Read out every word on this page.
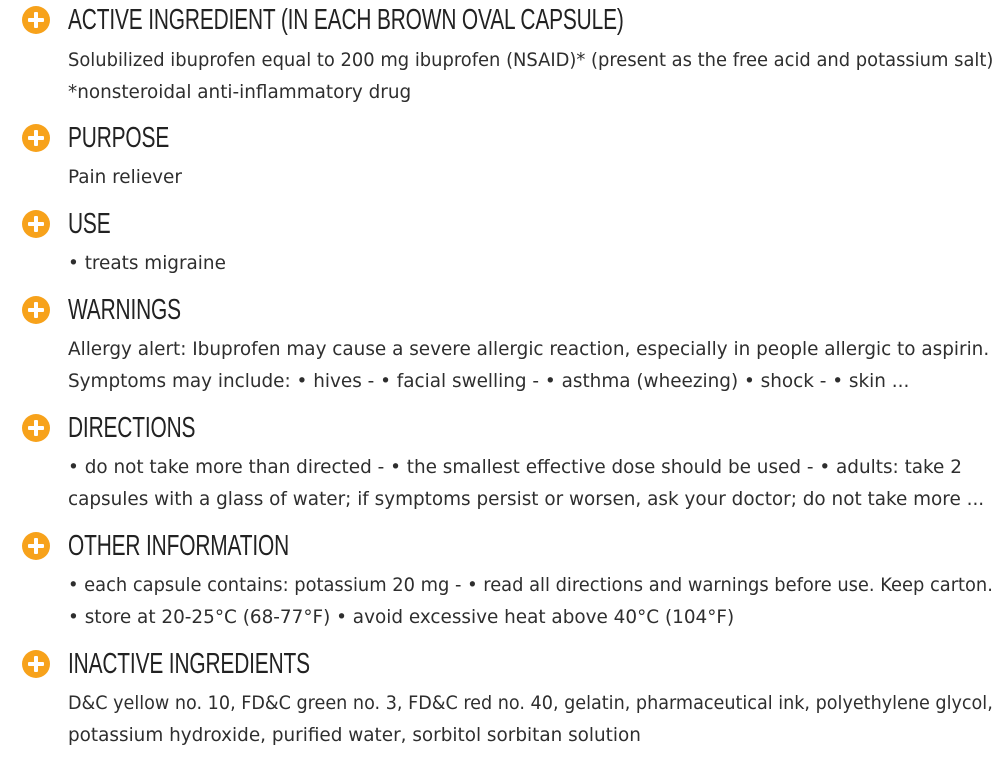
ACTIVE INGREDIENT (IN EACH BROWN OVAL CAPSULE)

Solubilized ibuprofen equal to 200 mg ibuprofen (NSAID)* (present as the free acid and potassium salt)

*nonsteroidal anti-inflammatory drug

PURPOSE

Pain reliever

USE

• treats migraine

WARNINGS

Allergy alert: Ibuprofen may cause a severe allergic reaction, especially in people allergic to aspirin.

Symptoms may include: • hives - • facial swelling - • asthma (wheezing) • shock - • skin ...

DIRECTIONS

• do not take more than directed - • the smallest effective dose should be used - • adults: take 2

capsules with a glass of water; if symptoms persist or worsen, ask your doctor; do not take more ...

OTHER INFORMATION

• each capsule contains: potassium 20 mg - • read all directions and warnings before use. Keep carton.

• store at 20-25°C (68-77°F) • avoid excessive heat above 40°C (104°F)

INACTIVE INGREDIENTS

D&C yellow no. 10, FD&C green no. 3, FD&C red no. 40, gelatin, pharmaceutical ink, polyethylene glycol,

potassium hydroxide, purified water, sorbitol sorbitan solution
